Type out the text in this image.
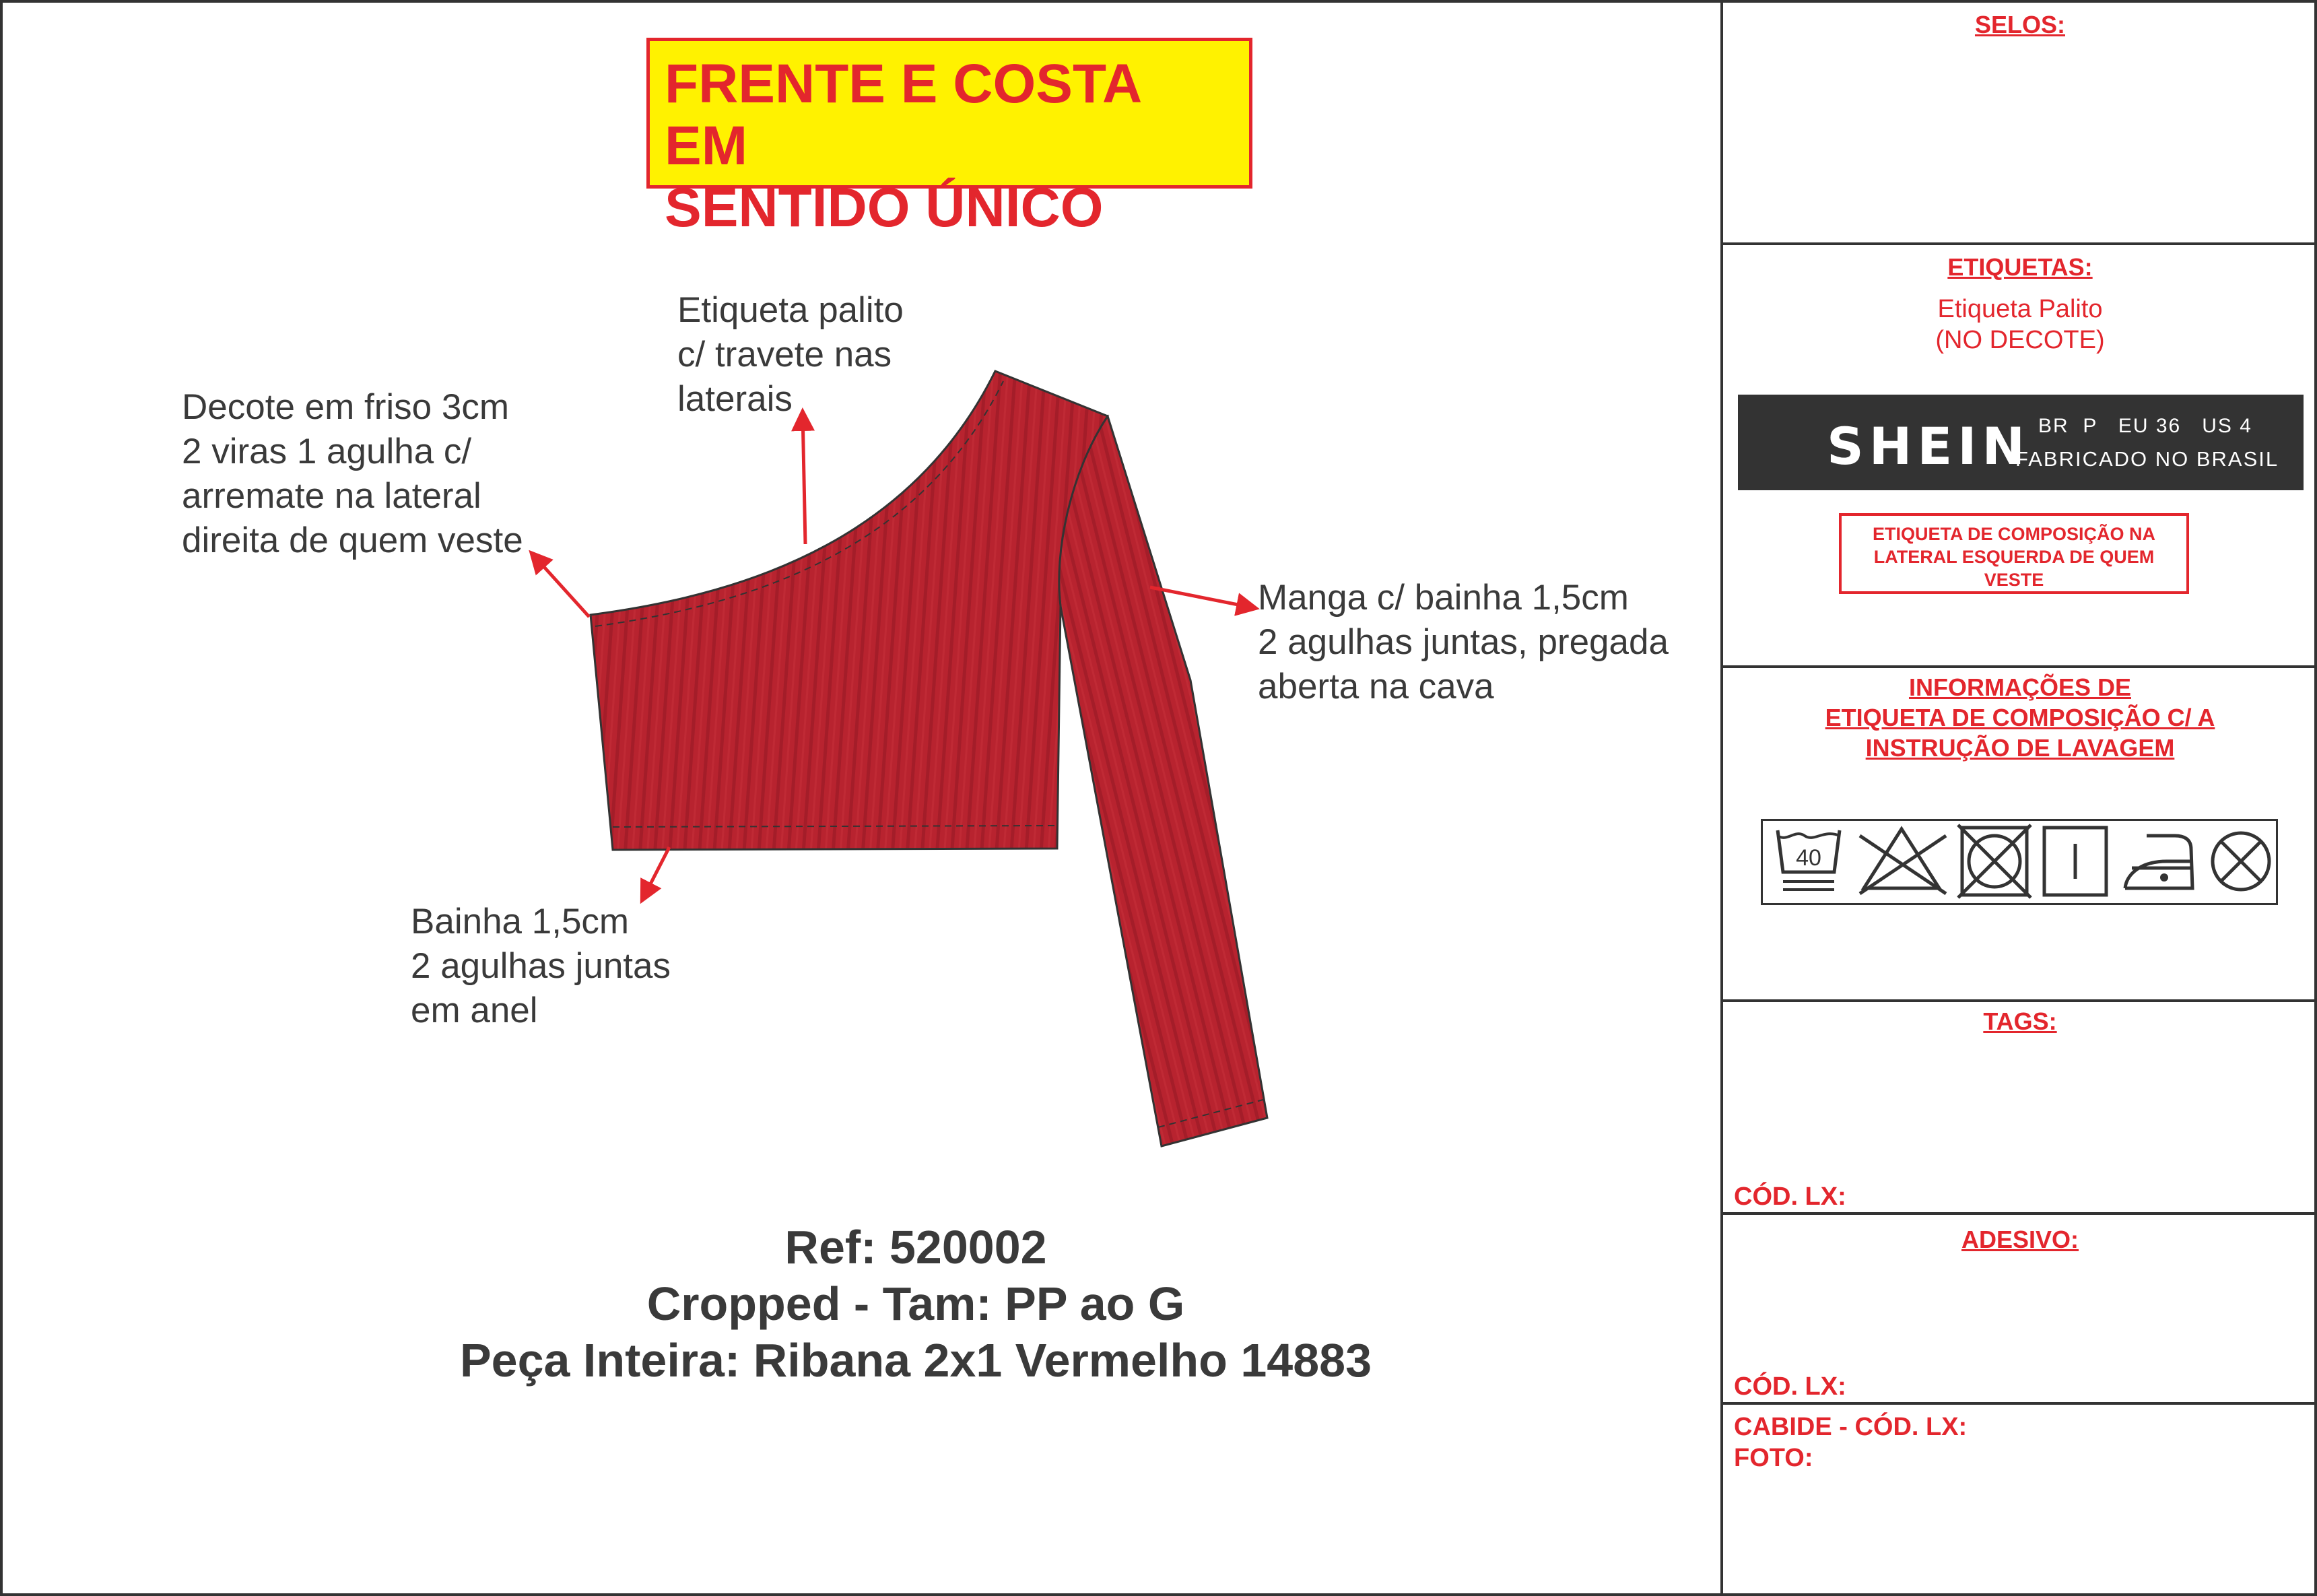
FRENTE E COSTA EM
SENTIDO ÚNICO
Etiqueta palito
c/ travete nas
laterais
Decote em friso 3cm
2 viras 1 agulha c/
arremate na lateral
direita de quem veste
Manga c/ bainha 1,5cm
2 agulhas juntas, pregada
aberta na cava
Bainha 1,5cm
2 agulhas juntas
em anel
Ref: 520002
Cropped - Tam: PP ao G
Peça Inteira: Ribana 2x1 Vermelho 14883
SELOS:
ETIQUETAS:
Etiqueta Palito
(NO DECOTE)
SHEIN BR  P   EU 36   US 4
FABRICADO NO BRASIL
ETIQUETA DE COMPOSIÇÃO NA
LATERAL ESQUERDA DE QUEM
VESTE
INFORMAÇÕES DE
ETIQUETA DE COMPOSIÇÃO C/ A
INSTRUÇÃO DE LAVAGEM
40
TAGS:
CÓD. LX:
ADESIVO:
CÓD. LX:
CABIDE - CÓD. LX:
FOTO:
